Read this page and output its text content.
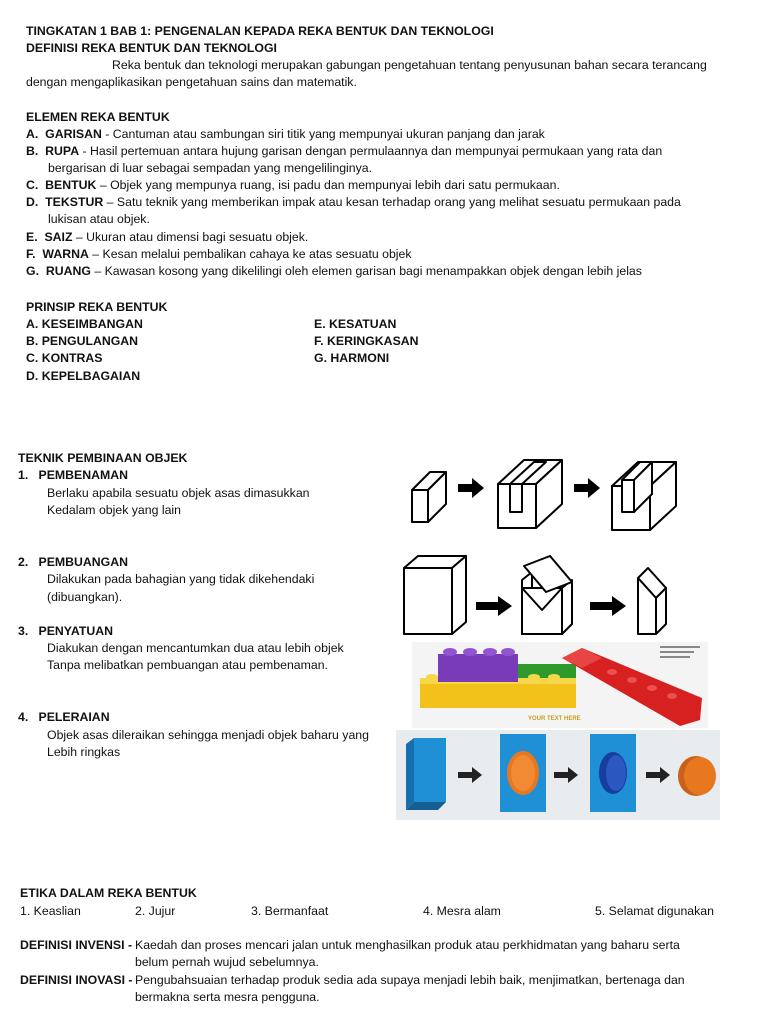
TINGKATAN 1 BAB 1: PENGENALAN KEPADA REKA BENTUK DAN TEKNOLOGI
DEFINISI REKA BENTUK DAN TEKNOLOGI
Reka bentuk dan teknologi merupakan gabungan pengetahuan tentang penyusunan bahan secara terancang
dengan mengaplikasikan pengetahuan sains dan matematik.
ELEMEN REKA BENTUK
A. GARISAN - Cantuman atau sambungan siri titik yang mempunyai ukuran panjang dan jarak
B. RUPA - Hasil pertemuan antara hujung garisan dengan permulaannya dan mempunyai permukaan yang rata dan
bergarisan di luar sebagai sempadan yang mengelilinginya.
C. BENTUK – Objek yang mempunya ruang, isi padu dan mempunyai lebih dari satu permukaan.
D. TEKSTUR – Satu teknik yang memberikan impak atau kesan terhadap orang yang melihat sesuatu permukaan pada
lukisan atau objek.
E. SAIZ – Ukuran atau dimensi bagi sesuatu objek.
F. WARNA – Kesan melalui pembalikan cahaya ke atas sesuatu objek
G. RUANG – Kawasan kosong yang dikelilingi oleh elemen garisan bagi menampakkan objek dengan lebih jelas
PRINSIP REKA BENTUK
A. KESEIMBANGAN
B. PENGULANGAN
C. KONTRAS
D. KEPELBAGAIAN
E. KESATUAN
F. KERINGKASAN
G. HARMONI
TEKNIK PEMBINAAN OBJEK
1. PEMBENAMAN
Berlaku apabila sesuatu objek asas dimasukkan
Kedalam objek yang lain
2. PEMBUANGAN
Dilakukan pada bahagian yang tidak dikehendaki
(dibuangkan).
3. PENYATUAN
Diakukan dengan mencantumkan dua atau lebih objek
Tanpa melibatkan pembuangan atau pembenaman.
4. PELERAIAN
Objek asas dileraikan sehingga menjadi objek baharu yang
Lebih ringkas
YOUR TEXT HERE
ETIKA DALAM REKA BENTUK
1. Keaslian	2. Jujur	3. Bermanfaat	4. Mesra alam	5. Selamat digunakan
DEFINISI INVENSI - Kaedah dan proses mencari jalan untuk menghasilkan produk atau perkhidmatan yang baharu serta
belum pernah wujud sebelumnya.
DEFINISI INOVASI - Pengubahsuaian terhadap produk sedia ada supaya menjadi lebih baik, menjimatkan, bertenaga dan
bermakna serta mesra pengguna.
